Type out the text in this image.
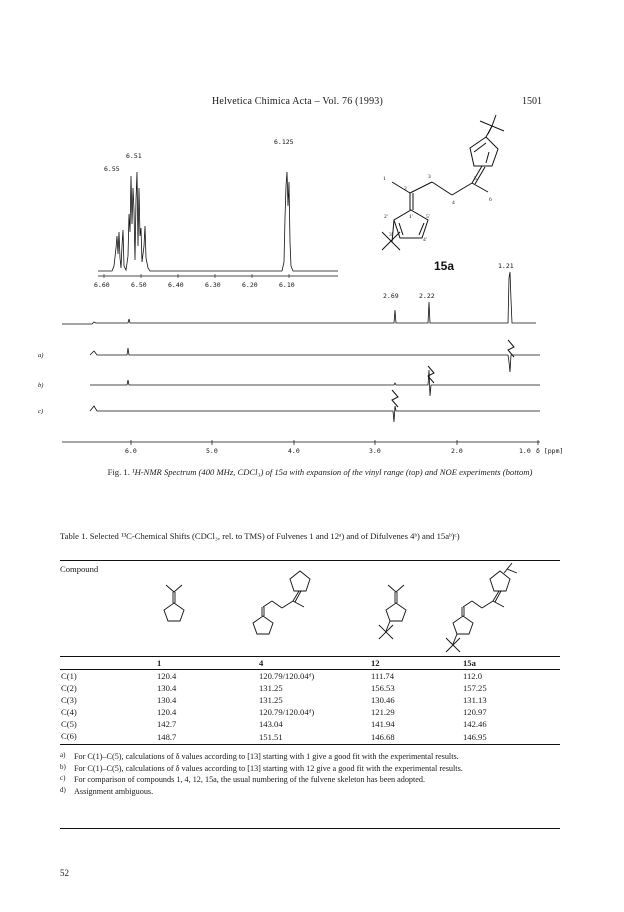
Helvetica Chimica Acta – Vol. 76 (1993)	1501
6.55
6.51
6.125
6.60	6.50	6.40	6.30	6.20	6.10
1
2
3
4
5
6
1'
2'
3'
4'
5'
15a
2.69	2.22
1.21
a)
b)
c)
6.0	5.0	4.0	3.0	2.0	1.0 δ [ppm]
Fig. 1. ¹H-NMR Spectrum (400 MHz, CDCl₃) of 15a with expansion of the vinyl range (top) and NOE experiments (bottom)
Table 1. Selected ¹³C-Chemical Shifts (CDCl₃, rel. to TMS) of Fulvenes 1 and 12ᵃ) and of Difulvenes 4ᵇ) and 15aᵇ)ᶜ)
Compound				

	1	4	12	15a
C(1)	120.4	120.79/120.04ᵈ)	111.74	112.0
C(2)	130.4	131.25	156.53	157.25
C(3)	130.4	131.25	130.46	131.13
C(4)	120.4	120.79/120.04ᵈ)	121.29	120.97
C(5)	142.7	143.04	141.94	142.46
C(6)	148.7	151.51	146.68	146.95
a)	For C(1)–C(5), calculations of δ values according to [13] starting with 1 give a good fit with the experimental results.
b) For C(1)–C(5), calculations of δ values according to [13] starting with 12 give a good fit with the experimental results.
c)	For comparison of compounds 1, 4, 12, 15a, the usual numbering of the fulvene skeleton has been adopted.
d) Assignment ambiguous.
52
